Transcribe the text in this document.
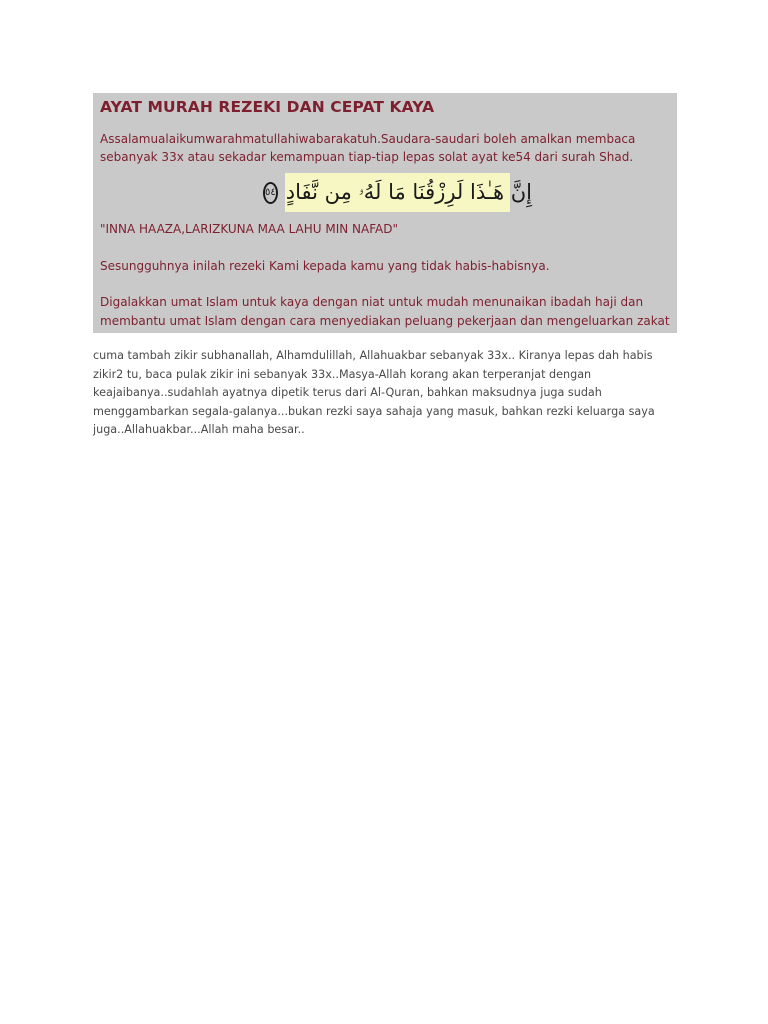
AYAT MURAH REZEKI DAN CEPAT KAYA

Assalamualaikumwarahmatullahiwabarakatuh.Saudara-saudari boleh amalkan membaca
sebanyak 33x atau sekadar kemampuan tiap-tiap lepas solat ayat ke54 dari surah Shad.

٥٤ إِنَّ هَـٰذَا لَرِزْقُنَا مَا لَهُۥ مِن نَّفَادٍ

"INNA HAAZA,LARIZKUNA MAA LAHU MIN NAFAD"

Sesungguhnya inilah rezeki Kami kepada kamu yang tidak habis-habisnya.

Digalakkan umat Islam untuk kaya dengan niat untuk mudah menunaikan ibadah haji dan
membantu umat Islam dengan cara menyediakan peluang pekerjaan dan mengeluarkan zakat

cuma tambah zikir subhanallah, Alhamdulillah, Allahuakbar sebanyak 33x.. Kiranya lepas dah habis
zikir2 tu, baca pulak zikir ini sebanyak 33x..Masya-Allah korang akan terperanjat dengan
keajaibanya..sudahlah ayatnya dipetik terus dari Al-Quran, bahkan maksudnya juga sudah
menggambarkan segala-galanya...bukan rezki saya sahaja yang masuk, bahkan rezki keluarga saya
juga..Allahuakbar...Allah maha besar..
